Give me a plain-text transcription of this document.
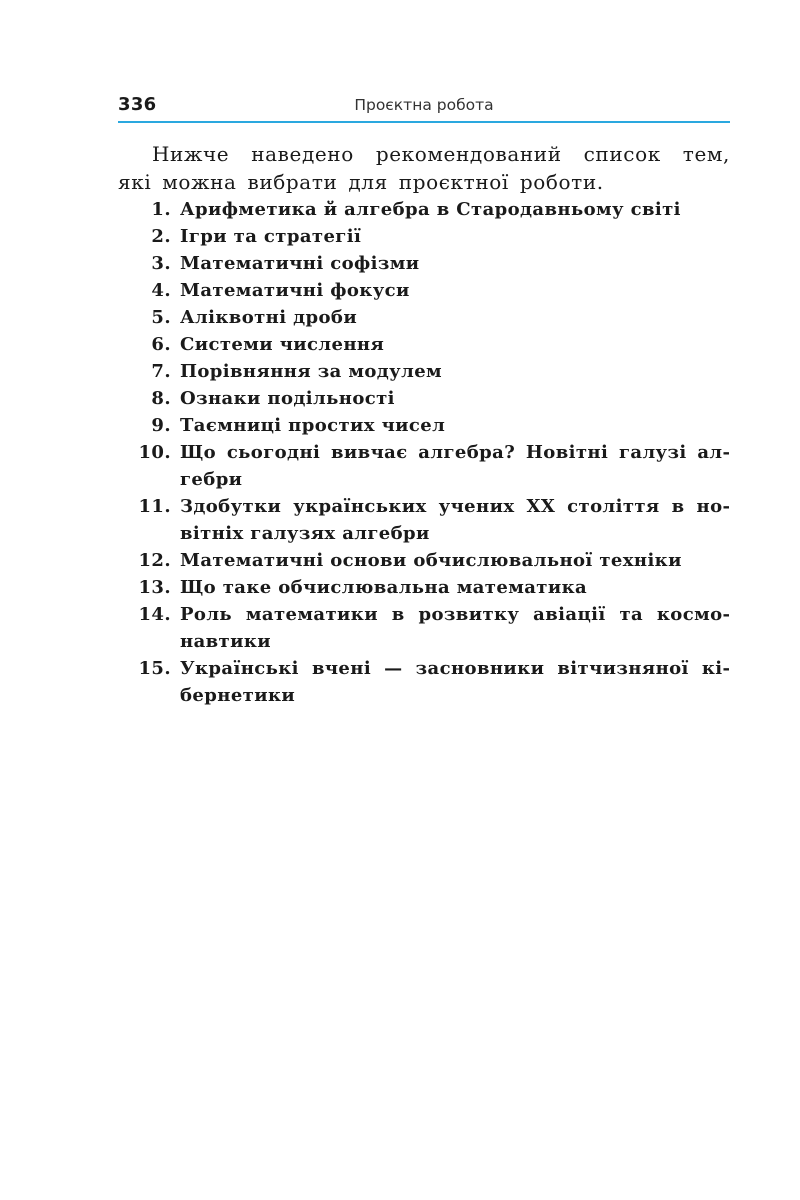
336	Проєктна робота

Нижче наведено рекомендований список тем, які можна вибрати для проєктної роботи.

1. Арифметика й алгебра в Стародавньому світі
2. Ігри та стратегії
3. Математичні софізми
4. Математичні фокуси
5. Аліквотні дроби
6. Системи числення
7. Порівняння за модулем
8. Ознаки подільності
9. Таємниці простих чисел
10. Що сьогодні вивчає алгебра? Новітні галузі алгебри
11. Здобутки українських учених XX століття в новітніх галузях алгебри
12. Математичні основи обчислювальної техніки
13. Що таке обчислювальна математика
14. Роль математики в розвитку авіації та космонавтики
15. Українські вчені — засновники вітчизняної кібернетики
